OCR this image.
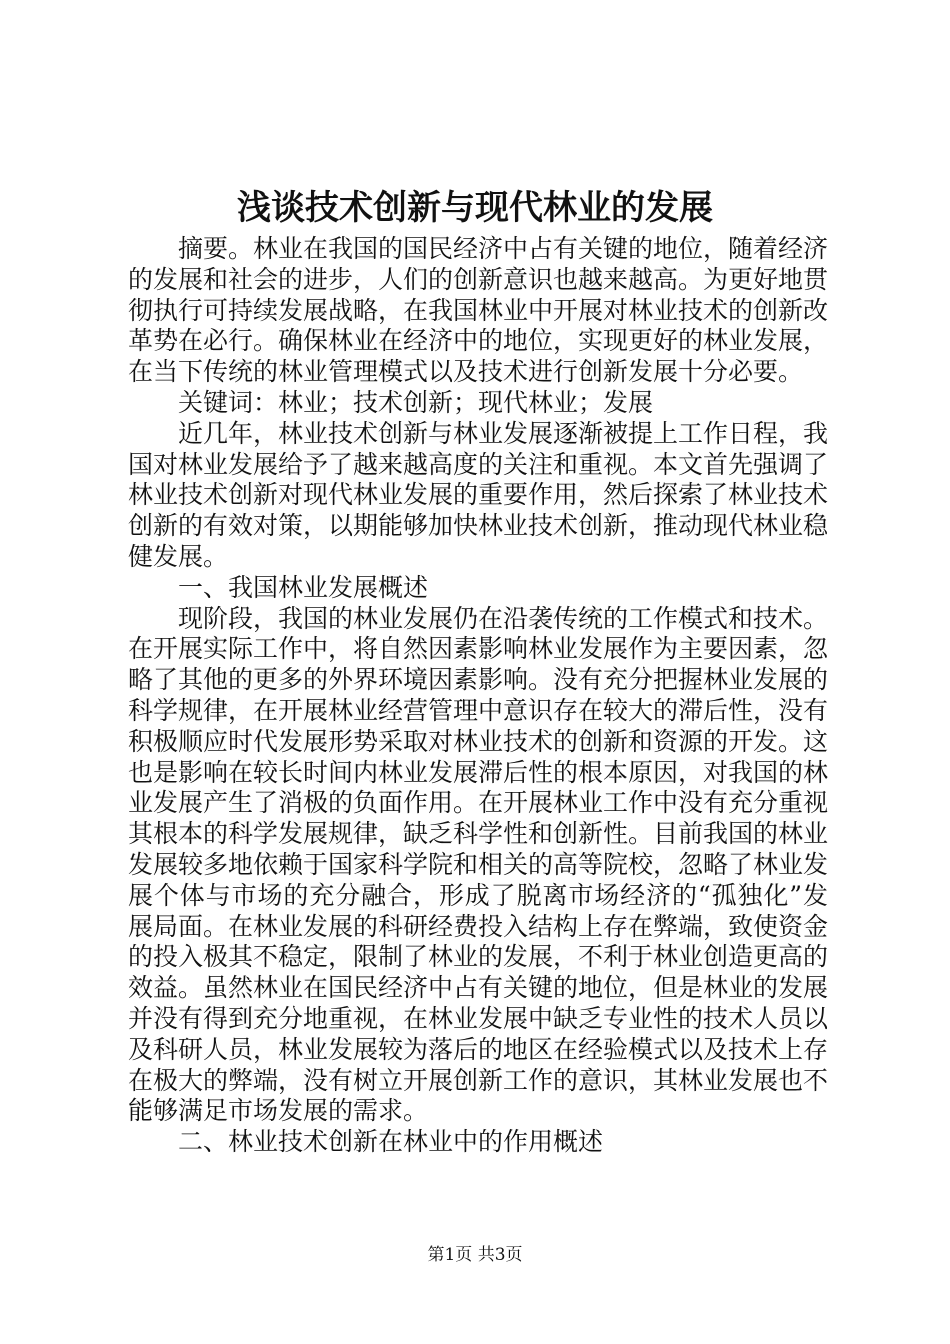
浅谈技术创新与现代林业的发展

摘要。林业在我国的国民经济中占有关键的地位，随着经济的发展和社会的进步，人们的创新意识也越来越高。为更好地贯彻执行可持续发展战略，在我国林业中开展对林业技术的创新改革势在必行。确保林业在经济中的地位，实现更好的林业发展，在当下传统的林业管理模式以及技术进行创新发展十分必要。

关键词：林业；技术创新；现代林业；发展

近几年，林业技术创新与林业发展逐渐被提上工作日程，我国对林业发展给予了越来越高度的关注和重视。本文首先强调了林业技术创新对现代林业发展的重要作用，然后探索了林业技术创新的有效对策，以期能够加快林业技术创新，推动现代林业稳健发展。

一、我国林业发展概述

现阶段，我国的林业发展仍在沿袭传统的工作模式和技术。在开展实际工作中，将自然因素影响林业发展作为主要因素，忽略了其他的更多的外界环境因素影响。没有充分把握林业发展的科学规律，在开展林业经营管理中意识存在较大的滞后性，没有积极顺应时代发展形势采取对林业技术的创新和资源的开发。这也是影响在较长时间内林业发展滞后性的根本原因，对我国的林业发展产生了消极的负面作用。在开展林业工作中没有充分重视其根本的科学发展规律，缺乏科学性和创新性。目前我国的林业发展较多地依赖于国家科学院和相关的高等院校，忽略了林业发展个体与市场的充分融合，形成了脱离市场经济的“孤独化”发展局面。在林业发展的科研经费投入结构上存在弊端，致使资金的投入极其不稳定，限制了林业的发展，不利于林业创造更高的效益。虽然林业在国民经济中占有关键的地位，但是林业的发展并没有得到充分地重视，在林业发展中缺乏专业性的技术人员以及科研人员，林业发展较为落后的地区在经验模式以及技术上存在极大的弊端，没有树立开展创新工作的意识，其林业发展也不能够满足市场发展的需求。

二、林业技术创新在林业中的作用概述

第1页 共3页
